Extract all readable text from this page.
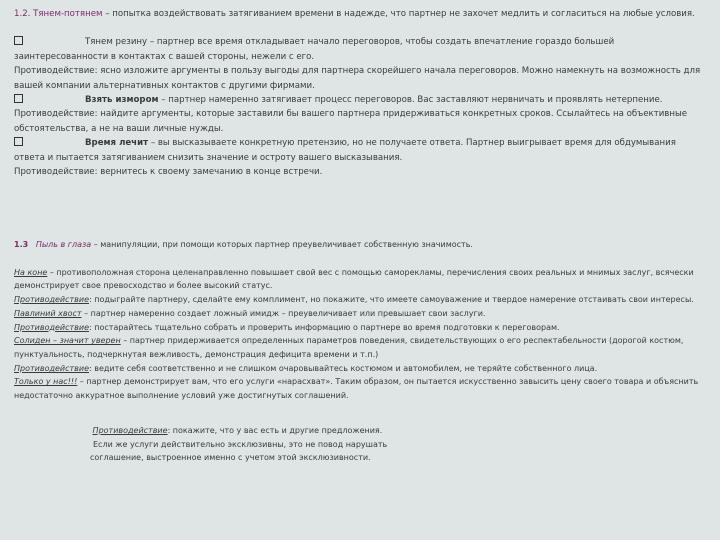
1.2. Тянем-потянем – попытка воздействовать затягиванием времени в надежде, что партнер не захочет медлить и согласиться на любые условия.

Тянем резину – партнер все время откладывает начало переговоров, чтобы создать впечатление гораздо большей заинтересованности в контактах с вашей стороны, нежели с его.

Противодействие: ясно изложите аргументы в пользу выгоды для партнера скорейшего начала переговоров. Можно намекнуть на возможность для вашей компании альтернативных контактов с другими фирмами.

Взять измором – партнер намеренно затягивает процесс переговоров. Вас заставляют нервничать и проявлять нетерпение.

Противодействие: найдите аргументы, которые заставили бы вашего партнера придерживаться конкретных сроков. Ссылайтесь на объективные обстоятельства, а не на ваши личные нужды.

Время лечит – вы высказываете конкретную претензию, но не получаете ответа. Партнер выигрывает время для обдумывания ответа и пытается затягиванием снизить значение и остроту вашего высказывания.

Противодействие: вернитесь к своему замечанию в конце встречи.

1.3 Пыль в глаза – манипуляции, при помощи которых партнер преувеличивает собственную значимость.

На коне – противоположная сторона целенаправленно повышает свой вес с помощью саморекламы, перечисления своих реальных и мнимых заслуг, всячески демонстрирует свое превосходство и более высокий статус.

Противодействие: подыграйте партнеру, сделайте ему комплимент, но покажите, что имеете самоуважение и твердое намерение отстаивать свои интересы.

Павлиний хвост – партнер намеренно создает ложный имидж – преувеличивает или превышает свои заслуги.

Противодействие: постарайтесь тщательно собрать и проверить информацию о партнере во время подготовки к переговорам.

Солиден – значит уверен – партнер придерживается определенных параметров поведения, свидетельствующих о его респектабельности (дорогой костюм, пунктуальность, подчеркнутая вежливость, демонстрация дефицита времени и т.п.)

Противодействие: ведите себя соответственно и не слишком очаровывайтесь костюмом и автомобилем, не теряйте собственного лица.

Только у нас!!! – партнер демонстрирует вам, что его услуги «нарасхват». Таким образом, он пытается искусственно завысить цену своего товара и объяснить недостаточно аккуратное выполнение условий уже достигнутых соглашений.

Противодействие: покажите, что у вас есть и другие предложения.

Если же услуги действительно эксклюзивны, это не повод нарушать

соглашение, выстроенное именно с учетом этой эксклюзивности.
